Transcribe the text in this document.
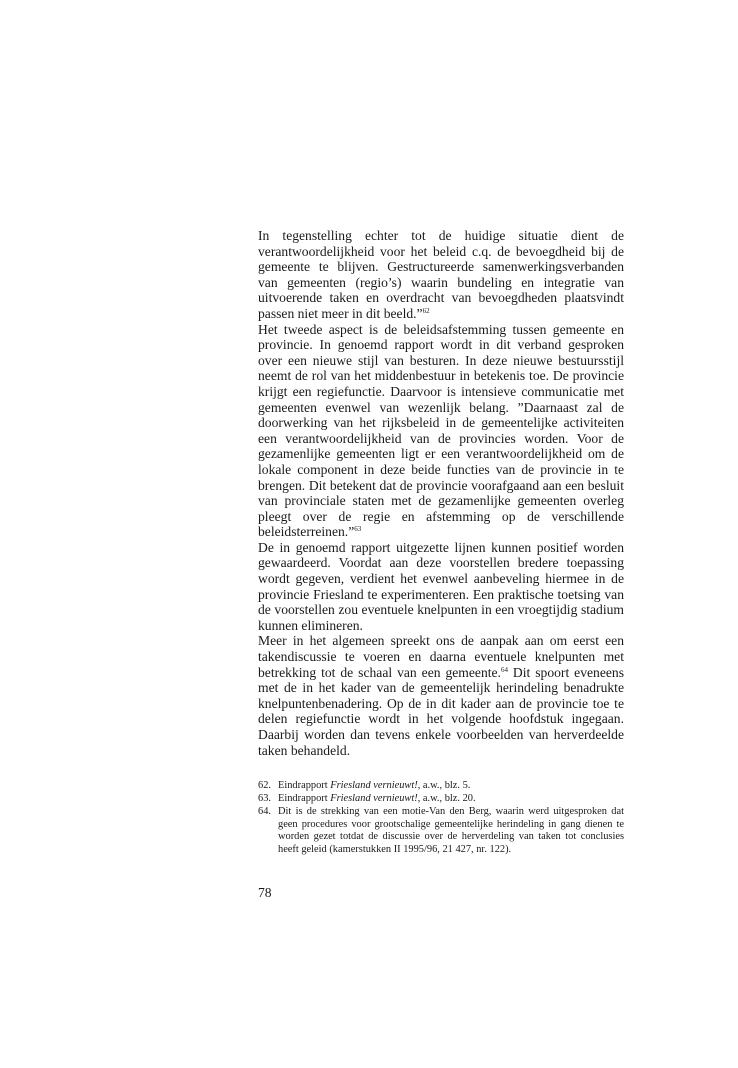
In tegenstelling echter tot de huidige situatie dient de verantwoordelijkheid voor het beleid c.q. de bevoegdheid bij de gemeente te blijven. Gestructureerde samenwerkingsverbanden van gemeenten (regio’s) waarin bundeling en integratie van uitvoerende taken en overdracht van bevoegdheden plaatsvindt passen niet meer in dit beeld.”$^{62}$

Het tweede aspect is de beleidsafstemming tussen gemeente en provincie. In genoemd rapport wordt in dit verband gesproken over een nieuwe stijl van besturen. In deze nieuwe bestuursstijl neemt de rol van het middenbestuur in betekenis toe. De provincie krijgt een regiefunctie. Daarvoor is intensieve communicatie met gemeenten evenwel van wezenlijk belang. ”Daarnaast zal de doorwerking van het rijksbeleid in de gemeentelijke activiteiten een verantwoordelijkheid van de provincies worden. Voor de gezamenlijke gemeenten ligt er een verantwoordelijkheid om de lokale component in deze beide functies van de provincie in te brengen. Dit betekent dat de provincie voorafgaand aan een besluit van provinciale staten met de gezamenlijke gemeenten overleg pleegt over de regie en afstemming op de verschillende beleidsterreinen.”$^{63}$

De in genoemd rapport uitgezette lijnen kunnen positief worden gewaardeerd. Voordat aan deze voorstellen bredere toepassing wordt gegeven, verdient het evenwel aanbeveling hiermee in de provincie Friesland te experimenteren. Een praktische toetsing van de voorstellen zou eventuele knelpunten in een vroegtijdig stadium kunnen elimineren.

Meer in het algemeen spreekt ons de aanpak aan om eerst een takendiscussie te voeren en daarna eventuele knelpunten met betrekking tot de schaal van een gemeente.$^{64}$ Dit spoort eveneens met de in het kader van de gemeentelijk herindeling benadrukte knelpuntenbenadering. Op de in dit kader aan de provincie toe te delen regiefunctie wordt in het volgende hoofdstuk ingegaan. Daarbij worden dan tevens enkele voorbeelden van herverdeelde taken behandeld.

62. Eindrapport Friesland vernieuwt!, a.w., blz. 5.
63. Eindrapport Friesland vernieuwt!, a.w., blz. 20.
64. Dit is de strekking van een motie-Van den Berg, waarin werd uitgesproken dat geen procedures voor grootschalige gemeentelijke herindeling in gang dienen te worden gezet totdat de discussie over de herverdeling van taken tot conclusies heeft geleid (kamerstukken II 1995/96, 21 427, nr. 122).
78
